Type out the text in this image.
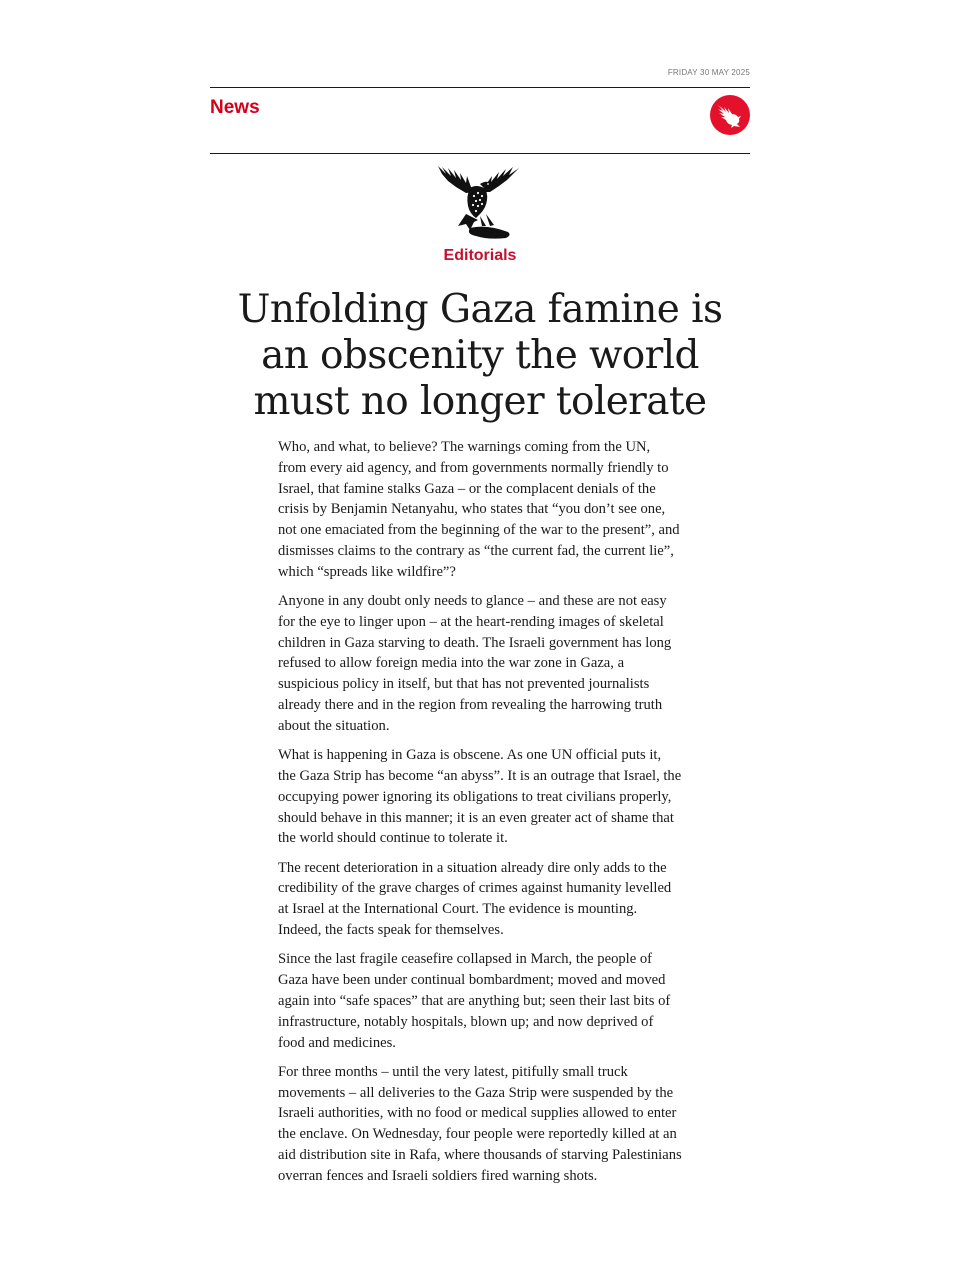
FRIDAY 30 MAY 2025
News
Editorials
Unfolding Gaza famine is an obscenity the world must no longer tolerate

Who, and what, to believe? The warnings coming from the UN, from every aid agency, and from governments normally friendly to Israel, that famine stalks Gaza – or the complacent denials of the crisis by Benjamin Netanyahu, who states that “you don’t see one, not one emaciated from the beginning of the war to the present”, and dismisses claims to the contrary as “the current fad, the current lie”, which “spreads like wildfire”?

Anyone in any doubt only needs to glance – and these are not easy for the eye to linger upon – at the heart-rending images of skeletal children in Gaza starving to death. The Israeli government has long refused to allow foreign media into the war zone in Gaza, a suspicious policy in itself, but that has not prevented journalists already there and in the region from revealing the harrowing truth about the situation.

What is happening in Gaza is obscene. As one UN official puts it, the Gaza Strip has become “an abyss”. It is an outrage that Israel, the occupying power ignoring its obligations to treat civilians properly, should behave in this manner; it is an even greater act of shame that the world should continue to tolerate it.

The recent deterioration in a situation already dire only adds to the credibility of the grave charges of crimes against humanity levelled at Israel at the International Court. The evidence is mounting. Indeed, the facts speak for themselves.

Since the last fragile ceasefire collapsed in March, the people of Gaza have been under continual bombardment; moved and moved again into “safe spaces” that are anything but; seen their last bits of infrastructure, notably hospitals, blown up; and now deprived of food and medicines.

For three months – until the very latest, pitifully small truck movements – all deliveries to the Gaza Strip were suspended by the Israeli authorities, with no food or medical supplies allowed to enter the enclave. On Wednesday, four people were reportedly killed at an aid distribution site in Rafa, where thousands of starving Palestinians overran fences and Israeli soldiers fired warning shots.
